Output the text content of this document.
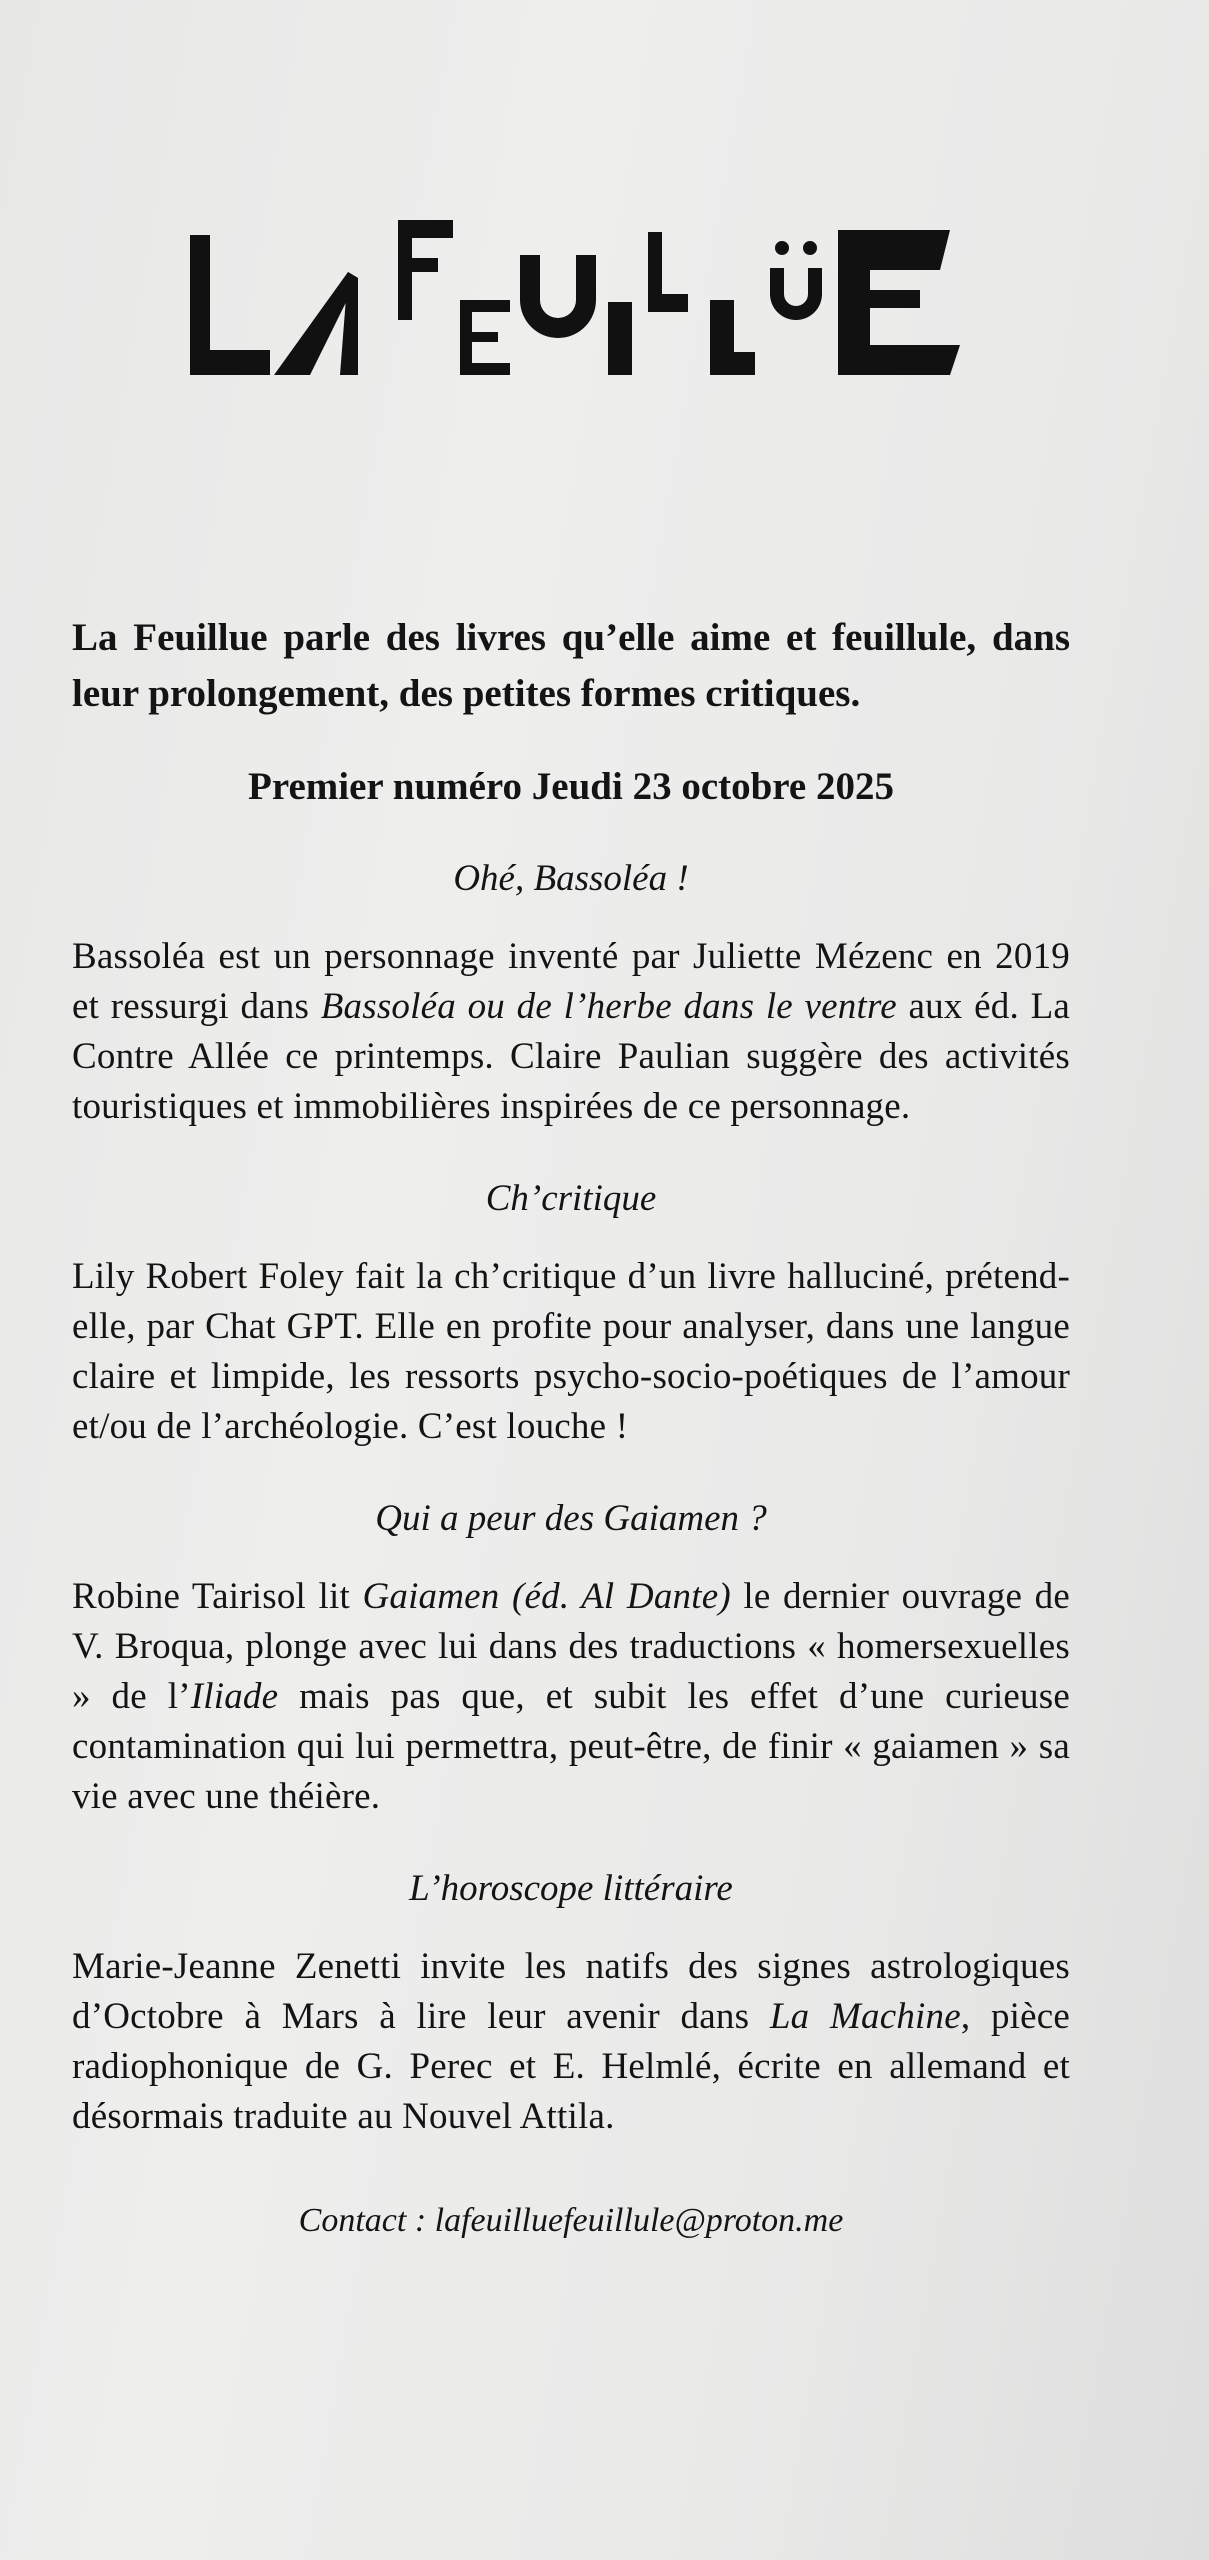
La Feuillue parle des livres qu’elle aime et feuillule, dans leur prolongement, des petites formes critiques.

Premier numéro Jeudi 23 octobre 2025
Ohé, Bassoléa !

Bassoléa est un personnage inventé par Juliette Mézenc en 2019 et ressurgi dans Bassoléa ou de l’herbe dans le ventre aux éd. La Contre Allée ce printemps. Claire Paulian suggère des activités touristiques et immobilières inspirées de ce personnage.

Ch’critique

Lily Robert Foley fait la ch’critique d’un livre halluciné, prétend-elle, par Chat GPT. Elle en profite pour analyser, dans une langue claire et limpide, les ressorts psycho-socio-poétiques de l’amour et/ou de l’archéologie. C’est louche !

Qui a peur des Gaiamen ?

Robine Tairisol lit Gaiamen (éd. Al Dante) le dernier ouvrage de V. Broqua, plonge avec lui dans des traductions « homersexuelles » de l’Iliade mais pas que, et subit les effet d’une curieuse contamination qui lui permettra, peut-être, de finir « gaiamen » sa vie avec une théière.

L’horoscope littéraire

Marie-Jeanne Zenetti invite les natifs des signes astrologiques d’Octobre à Mars à lire leur avenir dans La Machine, pièce radiophonique de G. Perec et E. Helmlé, écrite en allemand et désormais traduite au Nouvel Attila.

Contact : lafeuilluefeuillule@proton.me
